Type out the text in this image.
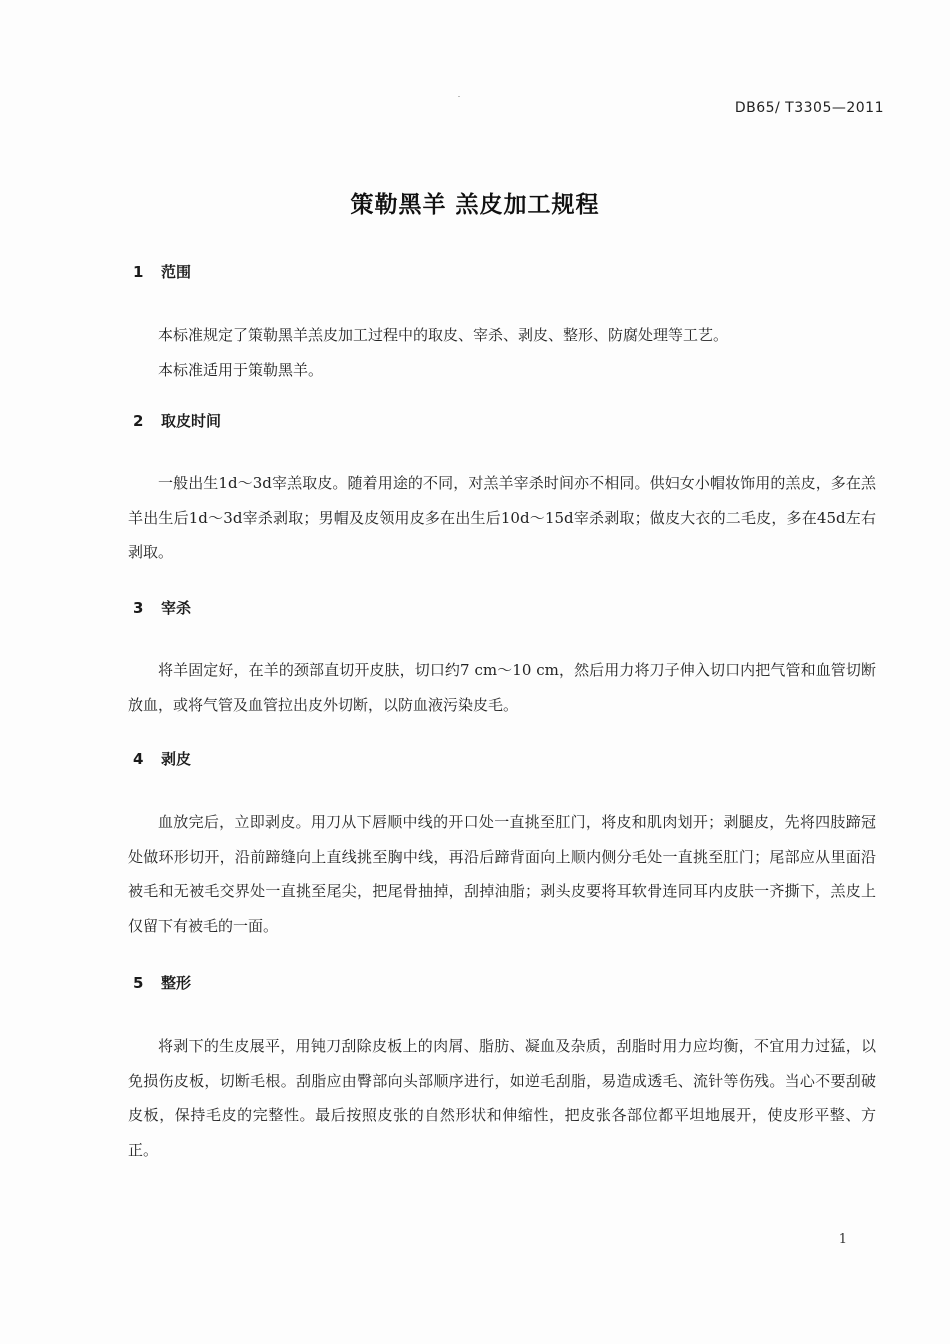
DB65/ T3305—2011
策勒黑羊 羔皮加工规程
1 范围

本标准规定了策勒黑羊羔皮加工过程中的取皮、宰杀、剥皮、整形、防腐处理等工艺。

本标准适用于策勒黑羊。

2 取皮时间

一般出生1d～3d宰羔取皮。随着用途的不同，对羔羊宰杀时间亦不相同。供妇女小帽妆饰用的羔皮，多在羔羊出生后1d～3d宰杀剥取；男帽及皮领用皮多在出生后10d～15d宰杀剥取；做皮大衣的二毛皮，多在45d左右剥取。

3 宰杀

将羊固定好，在羊的颈部直切开皮肤，切口约7 cm～10 cm，然后用力将刀子伸入切口内把气管和血管切断放血，或将气管及血管拉出皮外切断，以防血液污染皮毛。

4 剥皮

血放完后，立即剥皮。用刀从下唇顺中线的开口处一直挑至肛门，将皮和肌肉划开；剥腿皮，先将四肢蹄冠处做环形切开，沿前蹄缝向上直线挑至胸中线，再沿后蹄背面向上顺内侧分毛处一直挑至肛门；尾部应从里面沿被毛和无被毛交界处一直挑至尾尖，把尾骨抽掉，刮掉油脂；剥头皮要将耳软骨连同耳内皮肤一齐撕下，羔皮上仅留下有被毛的一面。

5 整形

将剥下的生皮展平，用钝刀刮除皮板上的肉屑、脂肪、凝血及杂质，刮脂时用力应均衡，不宜用力过猛，以免损伤皮板，切断毛根。刮脂应由臀部向头部顺序进行，如逆毛刮脂，易造成透毛、流针等伤残。当心不要刮破皮板，保持毛皮的完整性。最后按照皮张的自然形状和伸缩性，把皮张各部位都平坦地展开，使皮形平整、方正。

1
